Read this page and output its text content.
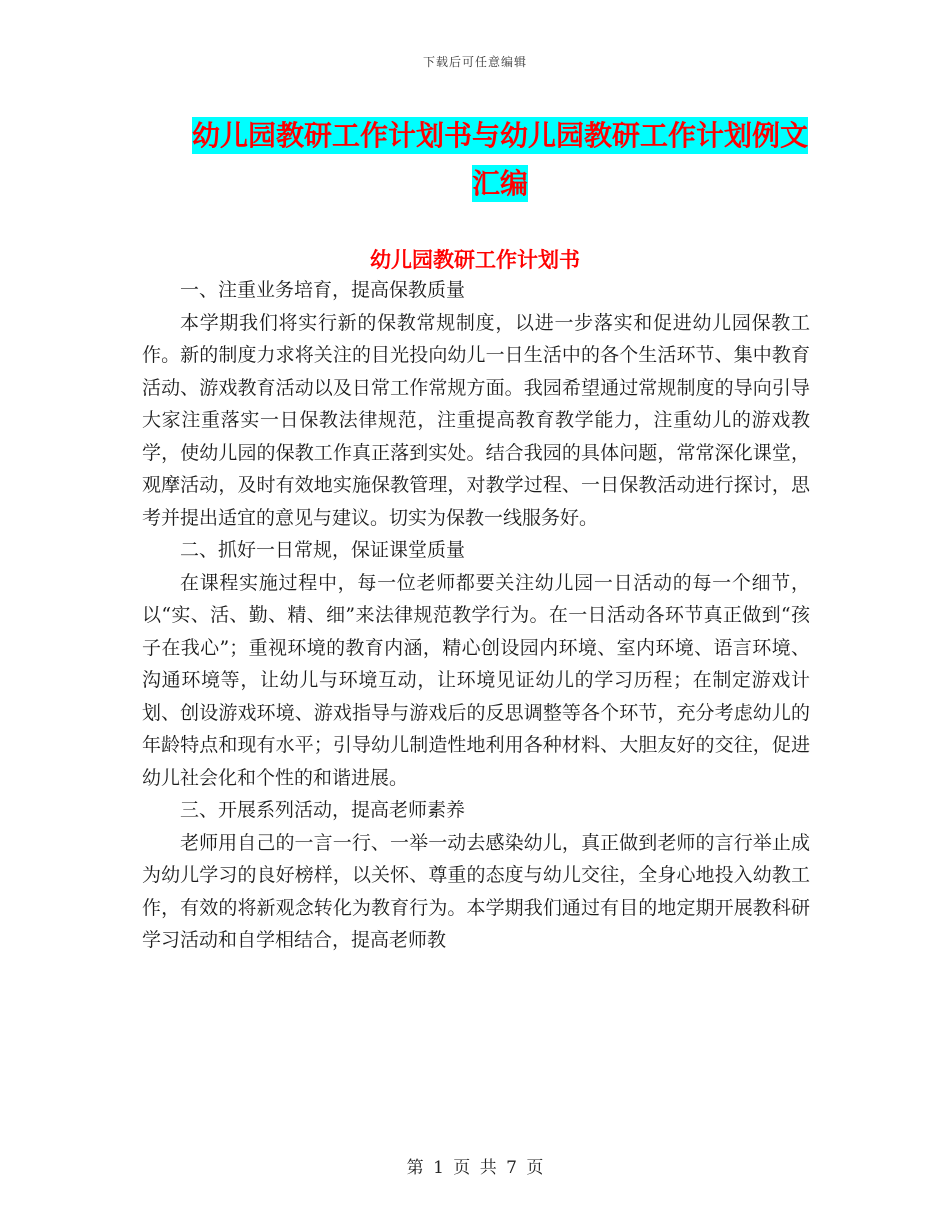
下载后可任意编辑
幼儿园教研工作计划书与幼儿园教研工作计划例文汇编
幼儿园教研工作计划书

一、注重业务培育，提高保教质量

本学期我们将实行新的保教常规制度，以进一步落实和促进幼儿园保教工作。新的制度力求将关注的目光投向幼儿一日生活中的各个生活环节、集中教育活动、游戏教育活动以及日常工作常规方面。我园希望通过常规制度的导向引导大家注重落实一日保教法律规范，注重提高教育教学能力，注重幼儿的游戏教学，使幼儿园的保教工作真正落到实处。结合我园的具体问题，常常深化课堂，观摩活动，及时有效地实施保教管理，对教学过程、一日保教活动进行探讨，思考并提出适宜的意见与建议。切实为保教一线服务好。

二、抓好一日常规，保证课堂质量

在课程实施过程中，每一位老师都要关注幼儿园一日活动的每一个细节，以“实、活、勤、精、细”来法律规范教学行为。在一日活动各环节真正做到“孩子在我心”；重视环境的教育内涵，精心创设园内环境、室内环境、语言环境、沟通环境等，让幼儿与环境互动，让环境见证幼儿的学习历程；在制定游戏计划、创设游戏环境、游戏指导与游戏后的反思调整等各个环节，充分考虑幼儿的年龄特点和现有水平；引导幼儿制造性地利用各种材料、大胆友好的交往，促进幼儿社会化和个性的和谐进展。

三、开展系列活动，提高老师素养

老师用自己的一言一行、一举一动去感染幼儿，真正做到老师的言行举止成为幼儿学习的良好榜样，以关怀、尊重的态度与幼儿交往，全身心地投入幼教工作，有效的将新观念转化为教育行为。本学期我们通过有目的地定期开展教科研学习活动和自学相结合，提高老师教

第 1 页 共 7 页
